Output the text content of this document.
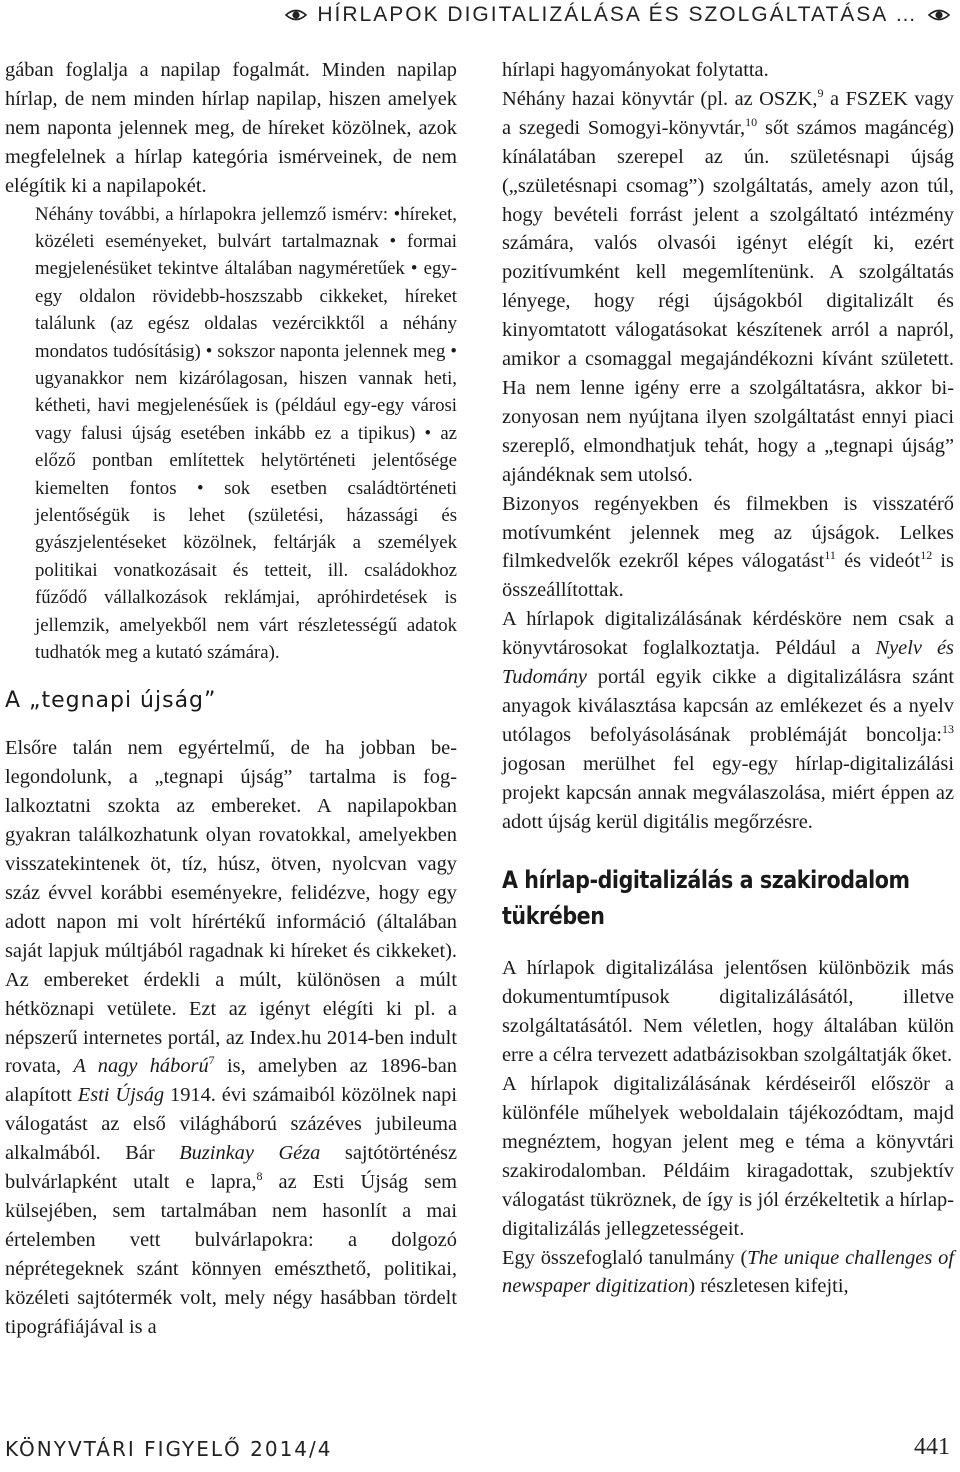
HÍRLAPOK DIGITALIZÁLÁSA ÉS SZOLGÁLTATÁSA …

gában foglalja a napilap fogalmát. Minden napilap hírlap, de nem minden hírlap napilap, hiszen amelyek nem naponta jelennek meg, de híreket közölnek, azok megfelelnek a hírlap kategória ismérveinek, de nem elégítik ki a napilapokét.

Néhány további, a hírlapokra jellemző ismérv: •híreket, közéleti eseményeket, bulvárt tartalmaznak • formai megjelenésüket tekintve általában nagyméretűek • egy-egy oldalon rövidebb-hoszszabb cikkeket, híreket találunk (az egész oldalas vezércikktől a néhány mondatos tudósításig) • sokszor naponta jelennek meg • ugyanakkor nem kizárólagosan, hiszen vannak heti, kétheti, havi megjelenésűek is (például egy-egy városi vagy falusi újság esetében inkább ez a tipikus) • az előző pontban említettek helytörténeti jelentősége kiemelten fontos • sok esetben családtörténeti jelentőségük is lehet (születési, házassági és gyászjelentéseket közölnek, feltárják a személyek politikai vonatkozásait és tetteit, ill. családokhoz fűződő vállalkozások reklámjai, apróhirdetések is jellemzik, amelyekből nem várt részletességű adatok tudhatók meg a kutató számára).

A „tegnapi újság”

Elsőre talán nem egyértelmű, de ha jobban belegondolunk, a „tegnapi újság” tartalma is foglalkoztatni szokta az embereket. A napilapokban gyakran találkozhatunk olyan rovatokkal, amelyekben visszatekintenek öt, tíz, húsz, ötven, nyolcvan vagy száz évvel korábbi eseményekre, felidézve, hogy egy adott napon mi volt hírértékű információ (általában saját lapjuk múltjából ragadnak ki híreket és cikkeket). Az embereket érdekli a múlt, különösen a múlt hétköznapi vetülete. Ezt az igényt elégíti ki pl. a népszerű internetes portál, az Index.hu 2014-ben indult rovata, A nagy háború$^7$ is, amelyben az 1896-ban alapított Esti Újság 1914. évi számaiból közölnek napi válogatást az első világháború százéves jubileuma alkalmából. Bár Buzinkay Géza sajtótörténész bulvárlapként utalt e lapra,$^8$ az Esti Újság sem külsejében, sem tartalmában nem hasonlít a mai értelemben vett bulvárlapokra: a dolgozó néprétegeknek szánt könnyen emészthető, politikai, közéleti sajtótermék volt, mely négy hasábban tördelt tipográfiájával is a

hírlapi hagyományokat folytatta.

Néhány hazai könyvtár (pl. az OSZK,$^9$ a FSZEK vagy a szegedi Somogyi-könyvtár,$^{10}$ sőt számos magáncég) kínálatában szerepel az ún. születésnapi újság („születésnapi csomag”) szolgáltatás, amely azon túl, hogy bevételi forrást jelent a szolgáltató intézmény számára, valós olvasói igényt elégít ki, ezért pozitívumként kell megemlítenünk. A szolgáltatás lényege, hogy régi újságokból digitalizált és kinyomtatott válogatásokat készítenek arról a napról, amikor a csomaggal megajándékozni kívánt született. Ha nem lenne igény erre a szolgáltatásra, akkor bizonyosan nem nyújtana ilyen szolgáltatást ennyi piaci szereplő, elmondhatjuk tehát, hogy a „tegnapi újság” ajándéknak sem utolsó.

Bizonyos regényekben és filmekben is visszatérő motívumként jelennek meg az újságok. Lelkes filmkedvelők ezekről képes válogatást$^{11}$ és videót$^{12}$ is összeállítottak.

A hírlapok digitalizálásának kérdésköre nem csak a könyvtárosokat foglalkoztatja. Például a Nyelv és Tudomány portál egyik cikke a digitalizálásra szánt anyagok kiválasztása kapcsán az emlékezet és a nyelv utólagos befolyásolásának problémáját boncolja:$^{13}$ jogosan merülhet fel egy-egy hírlap-digitalizálási projekt kapcsán annak megválaszolása, miért éppen az adott újság kerül digitális megőrzésre.

A hírlap-digitalizálás a szakirodalom tükrében

A hírlapok digitalizálása jelentősen különbözik más dokumentumtípusok digitalizálásától, illetve szolgáltatásától. Nem véletlen, hogy általában külön erre a célra tervezett adatbázisokban szolgáltatják őket.

A hírlapok digitalizálásának kérdéseiről először a különféle műhelyek weboldalain tájékozódtam, majd megnéztem, hogyan jelent meg e téma a könyvtári szakirodalomban. Példáim kiragadottak, szubjektív válogatást tükröznek, de így is jól érzékeltetik a hírlap-digitalizálás jellegzetességeit.

Egy összefoglaló tanulmány (The unique challenges of newspaper digitization) részletesen kifejti,

KÖNYVTÁRI FIGYELŐ 2014/4	441
